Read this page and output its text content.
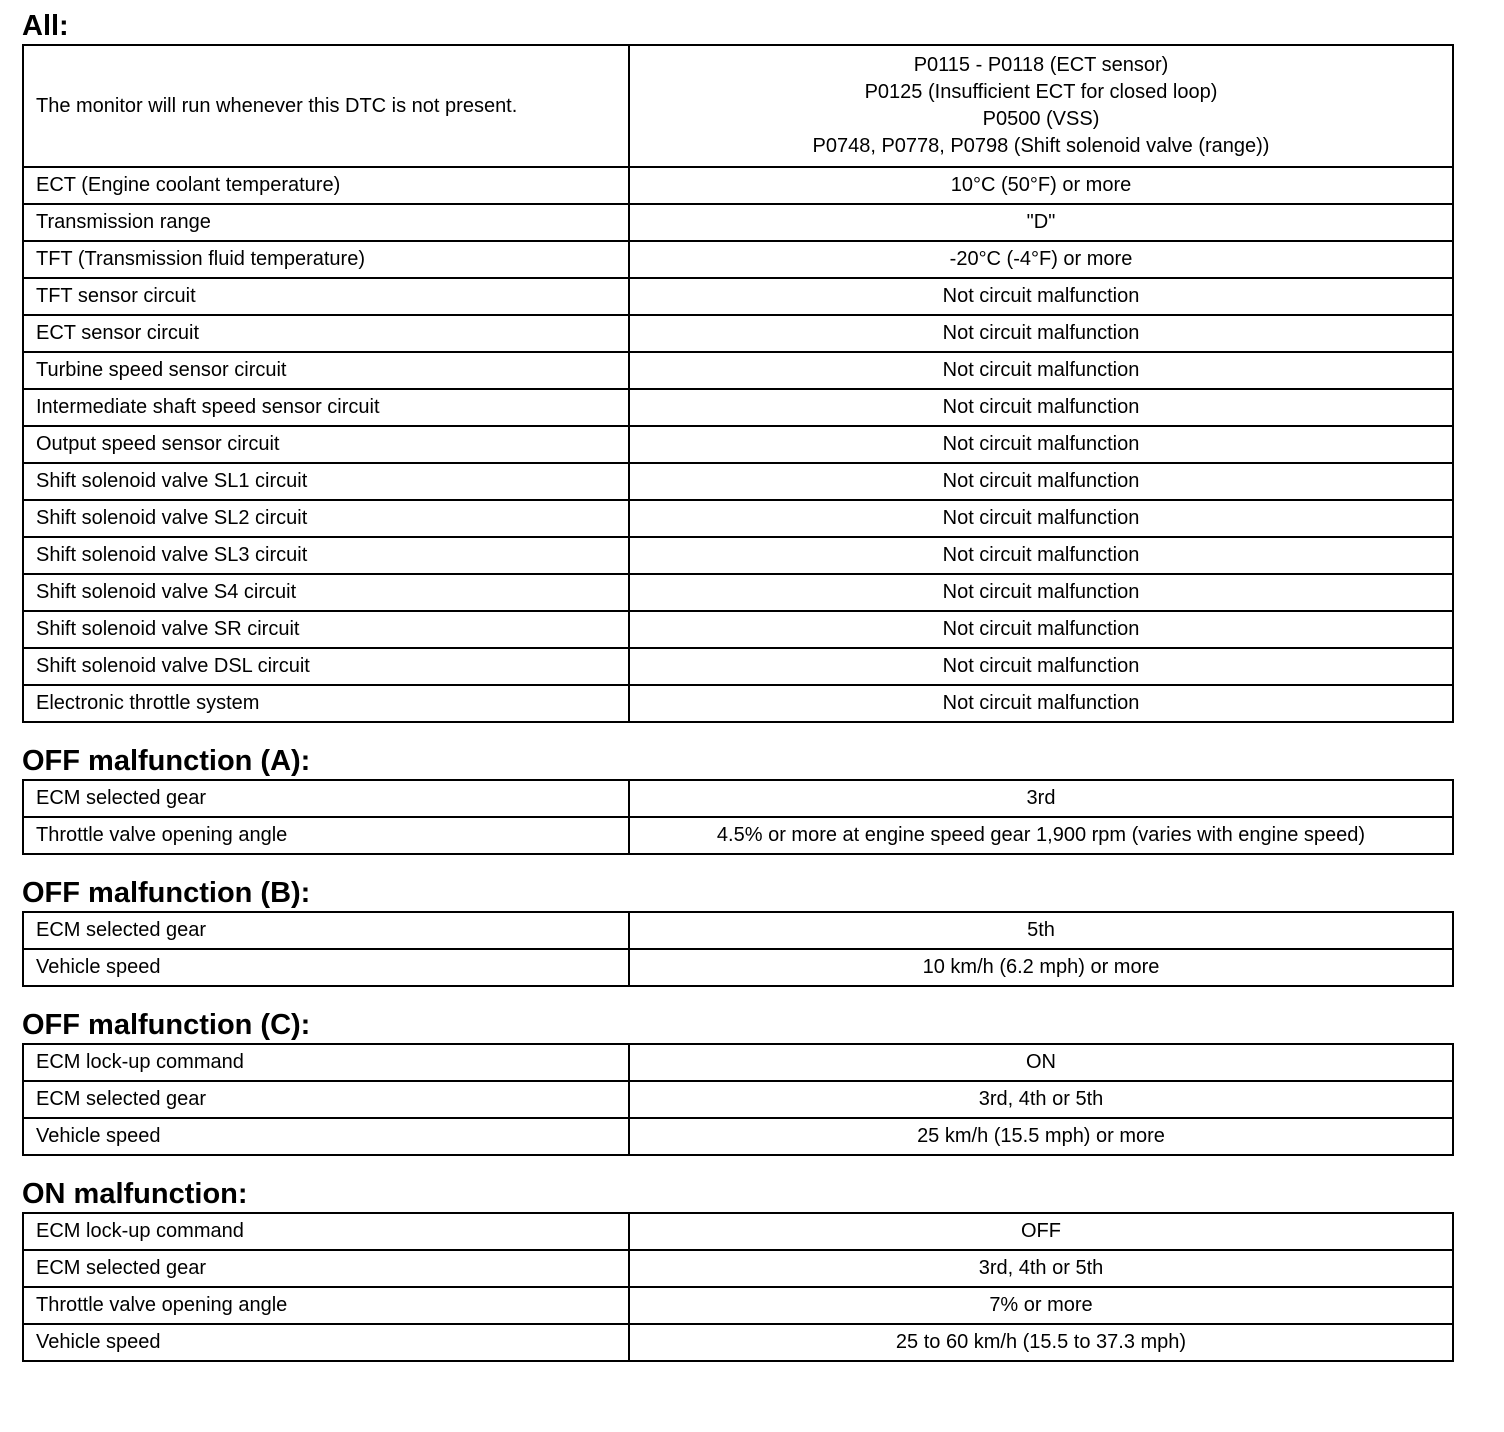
All:
The monitor will run whenever this DTC is not present.	P0115 - P0118 (ECT sensor)
P0125 (Insufficient ECT for closed loop)
P0500 (VSS)
P0748, P0778, P0798 (Shift solenoid valve (range))

ECT (Engine coolant temperature)	10°C (50°F) or more
Transmission range	"D"
TFT (Transmission fluid temperature)	-20°C (-4°F) or more
TFT sensor circuit	Not circuit malfunction
ECT sensor circuit	Not circuit malfunction
Turbine speed sensor circuit	Not circuit malfunction
Intermediate shaft speed sensor circuit	Not circuit malfunction
Output speed sensor circuit	Not circuit malfunction
Shift solenoid valve SL1 circuit	Not circuit malfunction
Shift solenoid valve SL2 circuit	Not circuit malfunction
Shift solenoid valve SL3 circuit	Not circuit malfunction
Shift solenoid valve S4 circuit	Not circuit malfunction
Shift solenoid valve SR circuit	Not circuit malfunction
Shift solenoid valve DSL circuit	Not circuit malfunction
Electronic throttle system	Not circuit malfunction
OFF malfunction (A):
ECM selected gear	3rd
Throttle valve opening angle	4.5% or more at engine speed gear 1,900 rpm (varies with engine speed)
OFF malfunction (B):
ECM selected gear	5th
Vehicle speed	10 km/h (6.2 mph) or more
OFF malfunction (C):
ECM lock-up command	ON
ECM selected gear	3rd, 4th or 5th
Vehicle speed	25 km/h (15.5 mph) or more
ON malfunction:
ECM lock-up command	OFF
ECM selected gear	3rd, 4th or 5th
Throttle valve opening angle	7% or more
Vehicle speed	25 to 60 km/h (15.5 to 37.3 mph)
